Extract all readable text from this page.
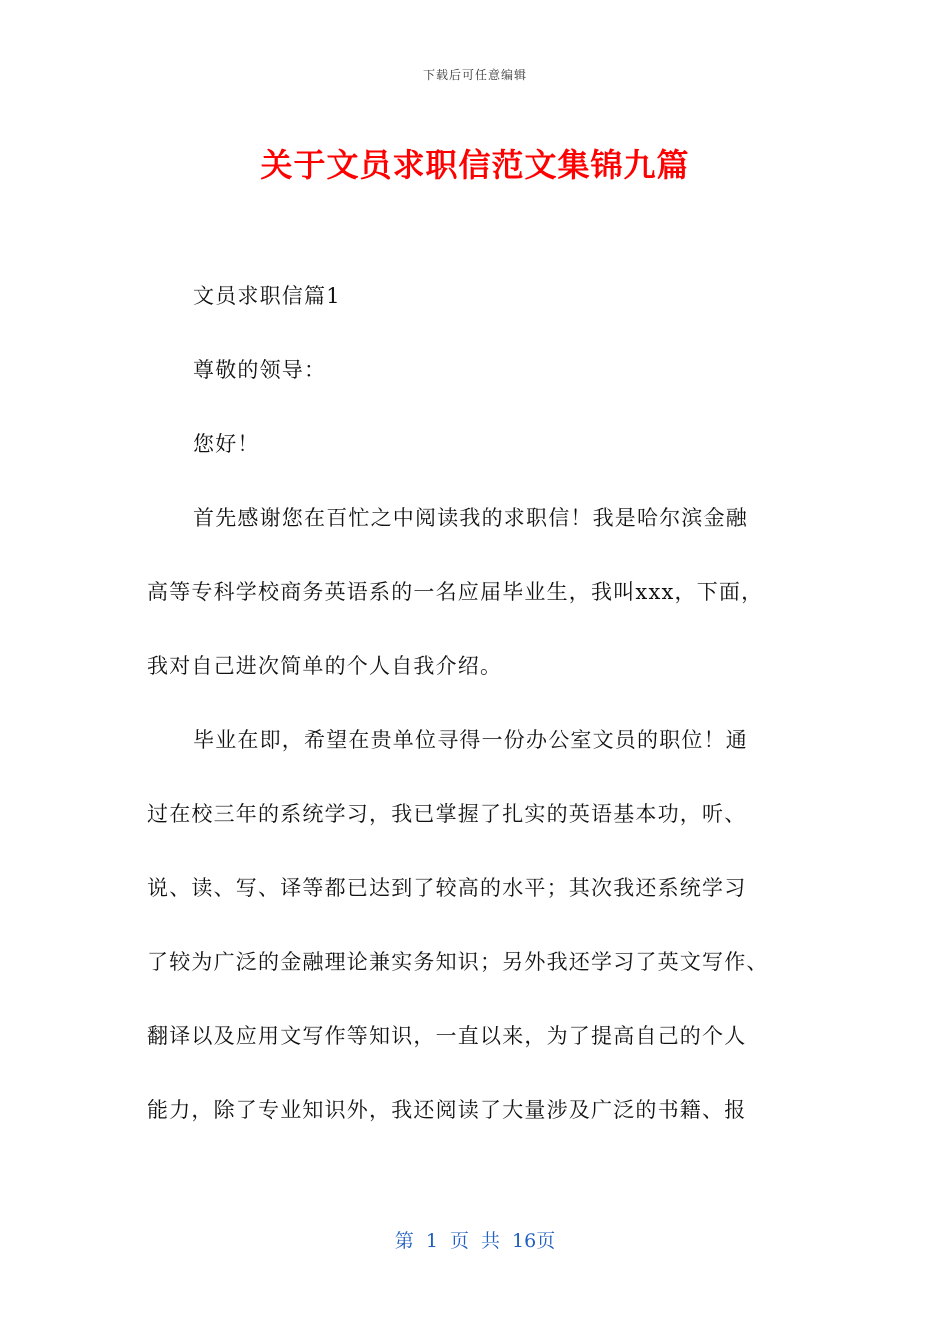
下载后可任意编辑
关于文员求职信范文集锦九篇
文员求职信篇1
尊敬的领导：
您好！
首先感谢您在百忙之中阅读我的求职信！我是哈尔滨金融
高等专科学校商务英语系的一名应届毕业生，我叫xxx，下面，
我对自己进次简单的个人自我介绍。
毕业在即，希望在贵单位寻得一份办公室文员的职位！通
过在校三年的系统学习，我已掌握了扎实的英语基本功，听、
说、读、写、译等都已达到了较高的水平；其次我还系统学习
了较为广泛的金融理论兼实务知识；另外我还学习了英文写作、
翻译以及应用文写作等知识，一直以来，为了提高自己的个人
能力，除了专业知识外，我还阅读了大量涉及广泛的书籍、报
第 1 页 共 16页
